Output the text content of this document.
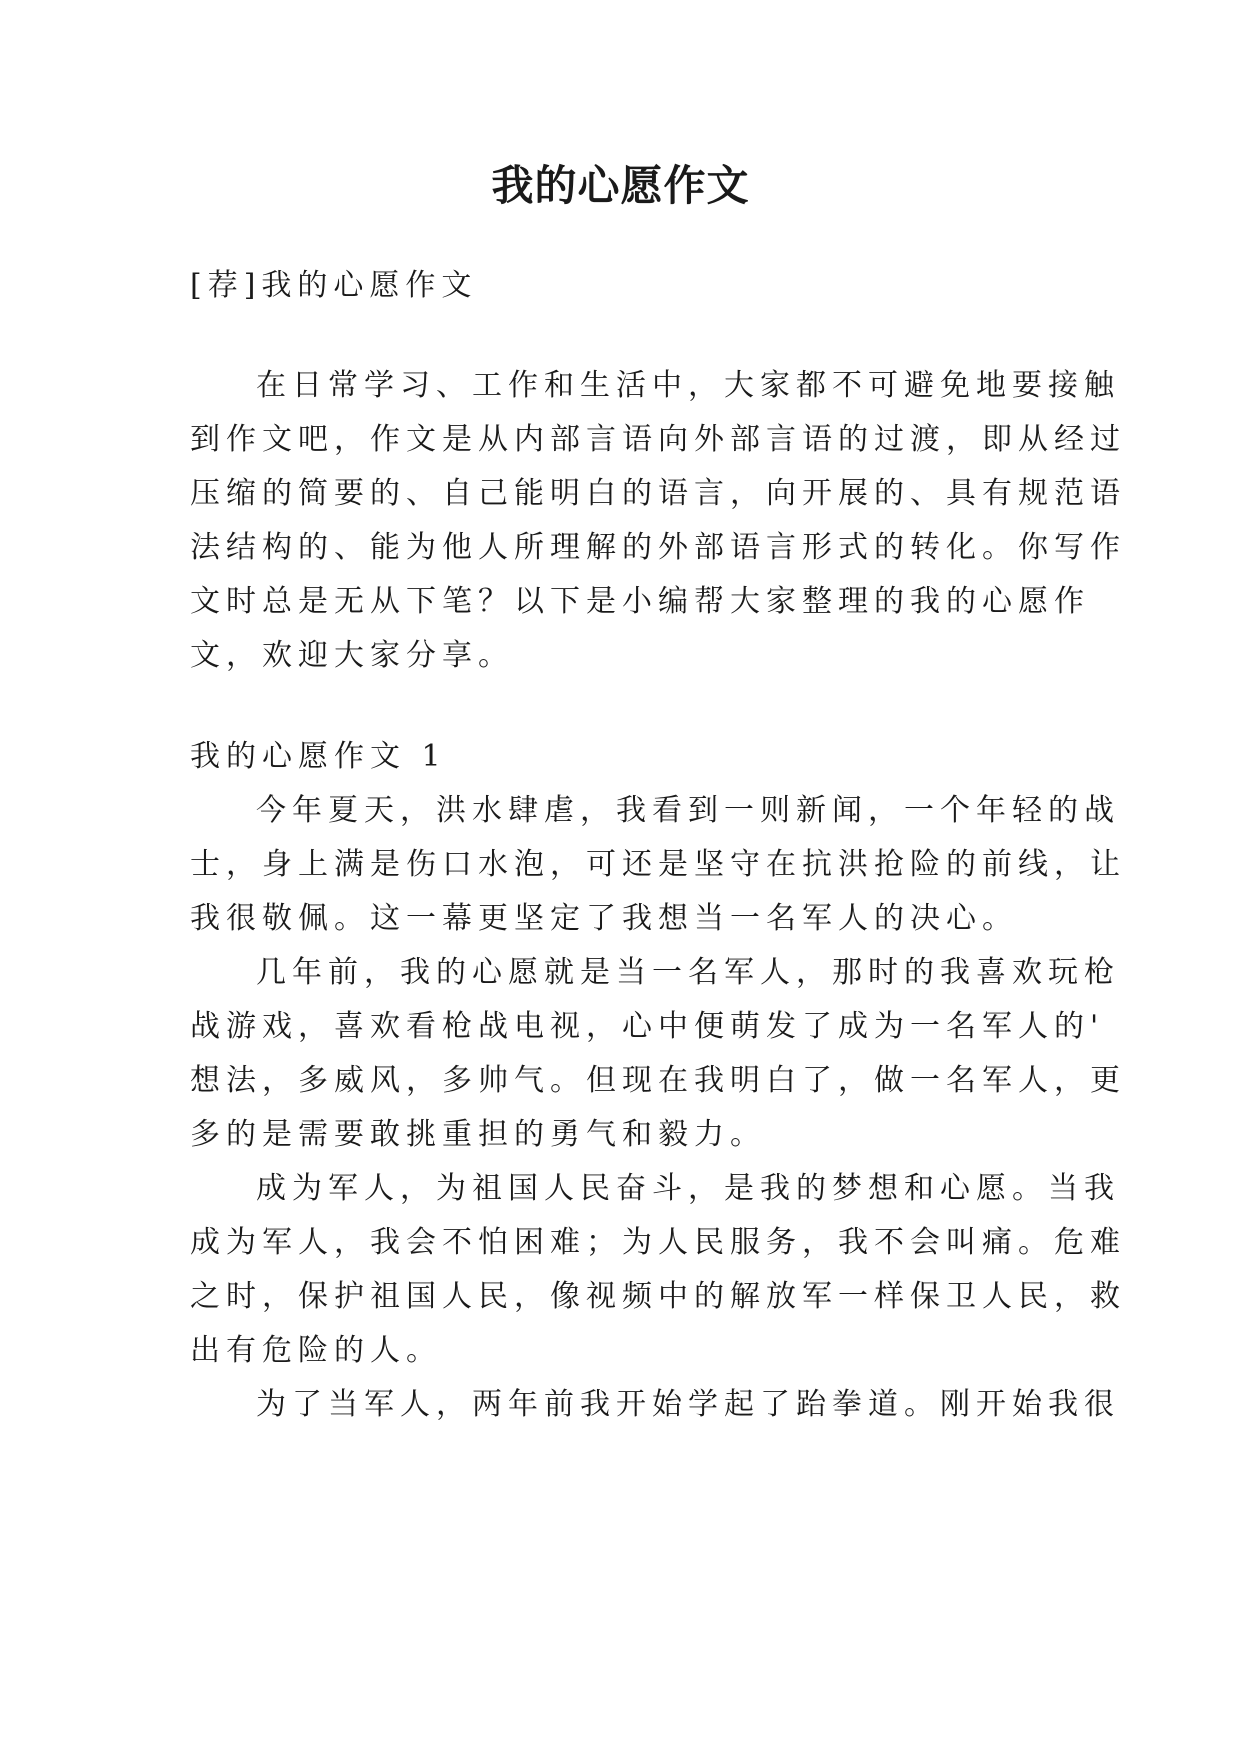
我的心愿作文
[荐]我的心愿作文
在日常学习、工作和生活中，大家都不可避免地要接触
到作文吧，作文是从内部言语向外部言语的过渡，即从经过
压缩的简要的、自己能明白的语言，向开展的、具有规范语
法结构的、能为他人所理解的外部语言形式的转化。你写作
文时总是无从下笔？以下是小编帮大家整理的我的心愿作
文，欢迎大家分享。
我的心愿作文 1
今年夏天，洪水肆虐，我看到一则新闻，一个年轻的战
士，身上满是伤口水泡，可还是坚守在抗洪抢险的前线，让
我很敬佩。这一幕更坚定了我想当一名军人的决心。
几年前，我的心愿就是当一名军人，那时的我喜欢玩枪
战游戏，喜欢看枪战电视，心中便萌发了成为一名军人的'
想法，多威风，多帅气。但现在我明白了，做一名军人，更
多的是需要敢挑重担的勇气和毅力。
成为军人，为祖国人民奋斗，是我的梦想和心愿。当我
成为军人，我会不怕困难；为人民服务，我不会叫痛。危难
之时，保护祖国人民，像视频中的解放军一样保卫人民，救
出有危险的人。
为了当军人，两年前我开始学起了跆拳道。刚开始我很
